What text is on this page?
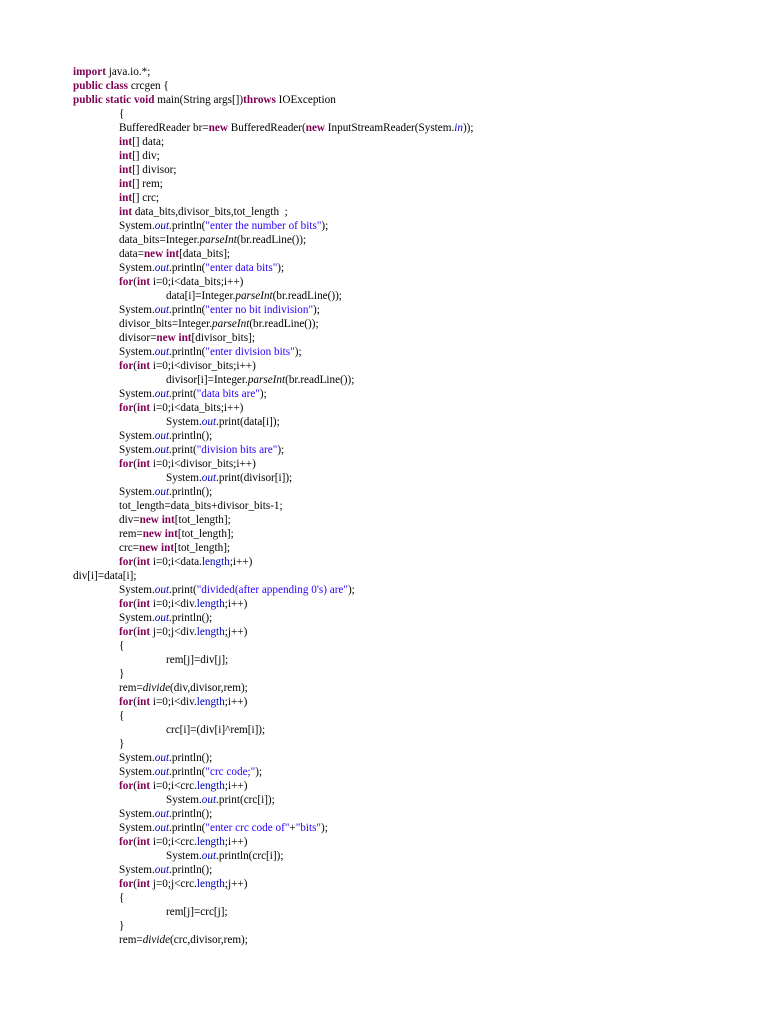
import java.io.*;
public class crcgen {
public static void main(String args[])throws IOException
{
BufferedReader br=new BufferedReader(new InputStreamReader(System.in));
int[] data;
int[] div;
int[] divisor;
int[] rem;
int[] crc;
int data_bits,divisor_bits,tot_length  ;
System.out.println("enter the number of bits");
data_bits=Integer.parseInt(br.readLine());
data=new int[data_bits];
System.out.println("enter data bits");
for(int i=0;i<data_bits;i++)
data[i]=Integer.parseInt(br.readLine());
System.out.println("enter no bit indivision");
divisor_bits=Integer.parseInt(br.readLine());
divisor=new int[divisor_bits];
System.out.println("enter division bits");
for(int i=0;i<divisor_bits;i++)
divisor[i]=Integer.parseInt(br.readLine());
System.out.print("data bits are");
for(int i=0;i<data_bits;i++)
System.out.print(data[i]);
System.out.println();
System.out.print("division bits are");
for(int i=0;i<divisor_bits;i++)
System.out.print(divisor[i]);
System.out.println();
tot_length=data_bits+divisor_bits-1;
div=new int[tot_length];
rem=new int[tot_length];
crc=new int[tot_length];
for(int i=0;i<data.length;i++)
div[i]=data[i];
System.out.print("divided(after appending 0's) are");
for(int i=0;i<div.length;i++)
System.out.println();
for(int j=0;j<div.length;j++)
{
rem[j]=div[j];
}
rem=divide(div,divisor,rem);
for(int i=0;i<div.length;i++)
{
crc[i]=(div[i]^rem[i]);
}
System.out.println();
System.out.println("crc code;");
for(int i=0;i<crc.length;i++)
System.out.print(crc[i]);
System.out.println();
System.out.println("enter crc code of"+"bits");
for(int i=0;i<crc.length;i++)
System.out.println(crc[i]);
System.out.println();
for(int j=0;j<crc.length;j++)
{
rem[j]=crc[j];
}
rem=divide(crc,divisor,rem);
